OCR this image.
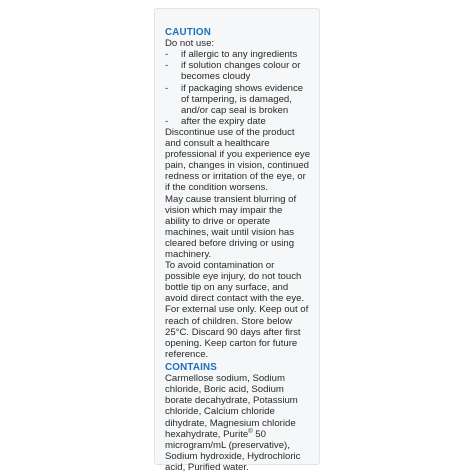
CAUTION
Do not use:
-	if allergic to any ingredients
-	if solution changes colour or
becomes cloudy
-	if packaging shows evidence
of tampering, is damaged,
and/or cap seal is broken
-	after the expiry date
Discontinue use of the product
and consult a healthcare
professional if you experience eye
pain, changes in vision, continued
redness or irritation of the eye, or
if the condition worsens.
May cause transient blurring of
vision which may impair the
ability to drive or operate
machines, wait until vision has
cleared before driving or using
machinery.
To avoid contamination or
possible eye injury, do not touch
bottle tip on any surface, and
avoid direct contact with the eye.
For external use only. Keep out of
reach of children. Store below
25°C. Discard 90 days after first
opening. Keep carton for future
reference.
CONTAINS
Carmellose sodium, Sodium
chloride, Boric acid, Sodium
borate decahydrate, Potassium
chloride, Calcium chloride
dihydrate, Magnesium chloride
hexahydrate, Purite® 50
microgram/mL (preservative),
Sodium hydroxide, Hydrochloric
acid, Purified water.
